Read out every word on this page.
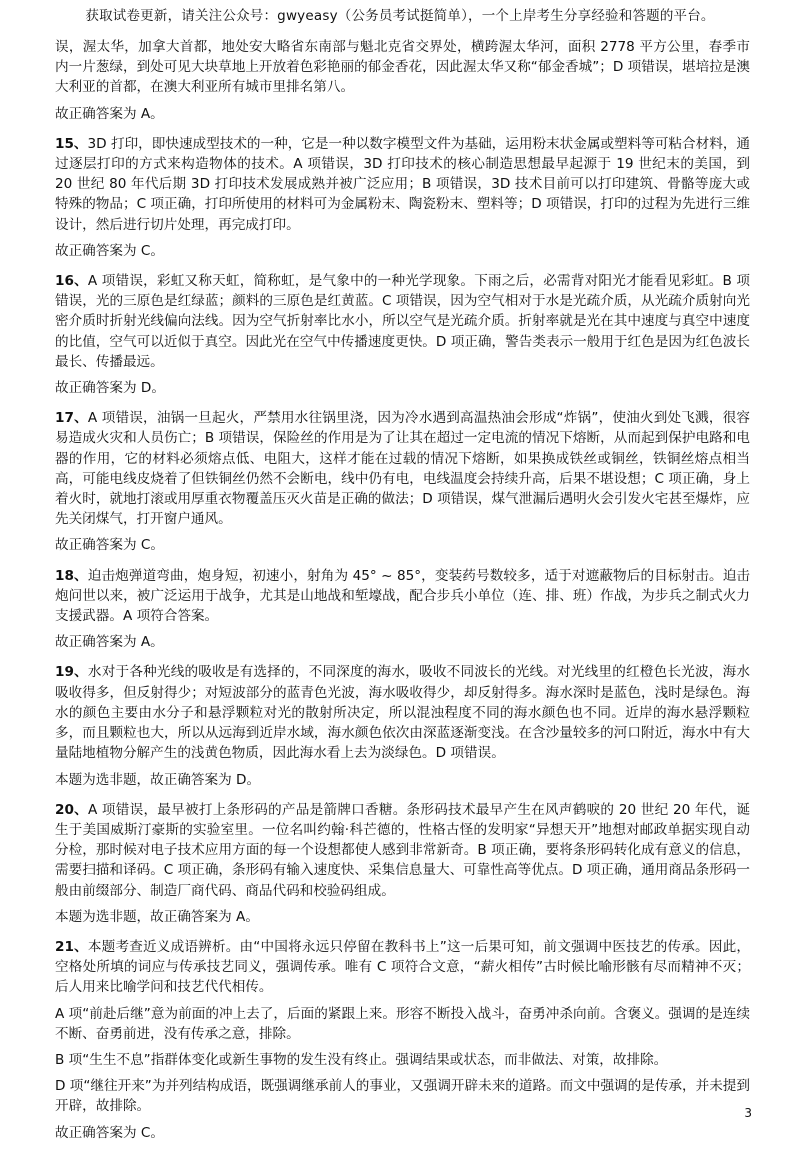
获取试卷更新，请关注公众号：gwyeasy（公务员考试挺简单），一个上岸考生分享经验和答题的平台。

误，渥太华，加拿大首都，地处安大略省东南部与魁北克省交界处，横跨渥太华河，面积 2778 平方公里，春季市内一片葱绿，到处可见大块草地上开放着色彩艳丽的郁金香花，因此渥太华又称“郁金香城”；D 项错误，堪培拉是澳大利亚的首都，在澳大利亚所有城市里排名第八。

故正确答案为 A。

15、3D 打印，即快速成型技术的一种，它是一种以数字模型文件为基础，运用粉末状金属或塑料等可粘合材料，通过逐层打印的方式来构造物体的技术。A 项错误，3D 打印技术的核心制造思想最早起源于 19 世纪末的美国，到 20 世纪 80 年代后期 3D 打印技术发展成熟并被广泛应用；B 项错误，3D 技术目前可以打印建筑、骨骼等庞大或特殊的物品；C 项正确，打印所使用的材料可为金属粉末、陶瓷粉末、塑料等；D 项错误，打印的过程为先进行三维设计，然后进行切片处理，再完成打印。

故正确答案为 C。

16、A 项错误，彩虹又称天虹，简称虹，是气象中的一种光学现象。下雨之后，必需背对阳光才能看见彩虹。B 项错误，光的三原色是红绿蓝；颜料的三原色是红黄蓝。C 项错误，因为空气相对于水是光疏介质，从光疏介质射向光密介质时折射光线偏向法线。因为空气折射率比水小，所以空气是光疏介质。折射率就是光在其中速度与真空中速度的比值，空气可以近似于真空。因此光在空气中传播速度更快。D 项正确，警告类表示一般用于红色是因为红色波长最长、传播最远。

故正确答案为 D。

17、A 项错误，油锅一旦起火，严禁用水往锅里浇，因为冷水遇到高温热油会形成“炸锅”，使油火到处飞溅，很容易造成火灾和人员伤亡；B 项错误，保险丝的作用是为了让其在超过一定电流的情况下熔断，从而起到保护电路和电器的作用，它的材料必须熔点低、电阻大，这样才能在过载的情况下熔断，如果换成铁丝或铜丝，铁铜丝熔点相当高，可能电线皮烧着了但铁铜丝仍然不会断电，线中仍有电，电线温度会持续升高，后果不堪设想；C 项正确，身上着火时，就地打滚或用厚重衣物覆盖压灭火苗是正确的做法；D 项错误，煤气泄漏后遇明火会引发火宅甚至爆炸，应先关闭煤气，打开窗户通风。

故正确答案为 C。

18、迫击炮弹道弯曲，炮身短，初速小，射角为 45° ~ 85°，变装药号数较多，适于对遮蔽物后的目标射击。迫击炮问世以来，被广泛运用于战争，尤其是山地战和堑壕战，配合步兵小单位（连、排、班）作战，为步兵之制式火力支援武器。A 项符合答案。

故正确答案为 A。

19、水对于各种光线的吸收是有选择的，不同深度的海水，吸收不同波长的光线。对光线里的红橙色长光波，海水吸收得多，但反射得少；对短波部分的蓝青色光波，海水吸收得少，却反射得多。海水深时是蓝色，浅时是绿色。海水的颜色主要由水分子和悬浮颗粒对光的散射所决定，所以混浊程度不同的海水颜色也不同。近岸的海水悬浮颗粒多，而且颗粒也大，所以从远海到近岸水域，海水颜色依次由深蓝逐渐变浅。在含沙量较多的河口附近，海水中有大量陆地植物分解产生的浅黄色物质，因此海水看上去为淡绿色。D 项错误。

本题为选非题，故正确答案为 D。

20、A 项错误，最早被打上条形码的产品是箭牌口香糖。条形码技术最早产生在风声鹤唳的 20 世纪 20 年代，诞生于美国威斯汀豪斯的实验室里。一位名叫约翰·科芒德的，性格古怪的发明家“异想天开”地想对邮政单据实现自动分检，那时候对电子技术应用方面的每一个设想都使人感到非常新奇。B 项正确，要将条形码转化成有意义的信息，需要扫描和译码。C 项正确，条形码有输入速度快、采集信息量大、可靠性高等优点。D 项正确，通用商品条形码一般由前缀部分、制造厂商代码、商品代码和校验码组成。

本题为选非题，故正确答案为 A。

21、本题考查近义成语辨析。由“中国将永远只停留在教科书上”这一后果可知，前文强调中医技艺的传承。因此，空格处所填的词应与传承技艺同义，强调传承。唯有 C 项符合文意，“薪火相传”古时候比喻形骸有尽而精神不灭；后人用来比喻学问和技艺代代相传。

A 项“前赴后继”意为前面的冲上去了，后面的紧跟上来。形容不断投入战斗，奋勇冲杀向前。含褒义。强调的是连续不断、奋勇前进，没有传承之意，排除。

B 项“生生不息”指群体变化或新生事物的发生没有终止。强调结果或状态，而非做法、对策，故排除。

D 项“继往开来”为并列结构成语，既强调继承前人的事业，又强调开辟未来的道路。而文中强调的是传承，并未提到开辟，故排除。

故正确答案为 C。

3
